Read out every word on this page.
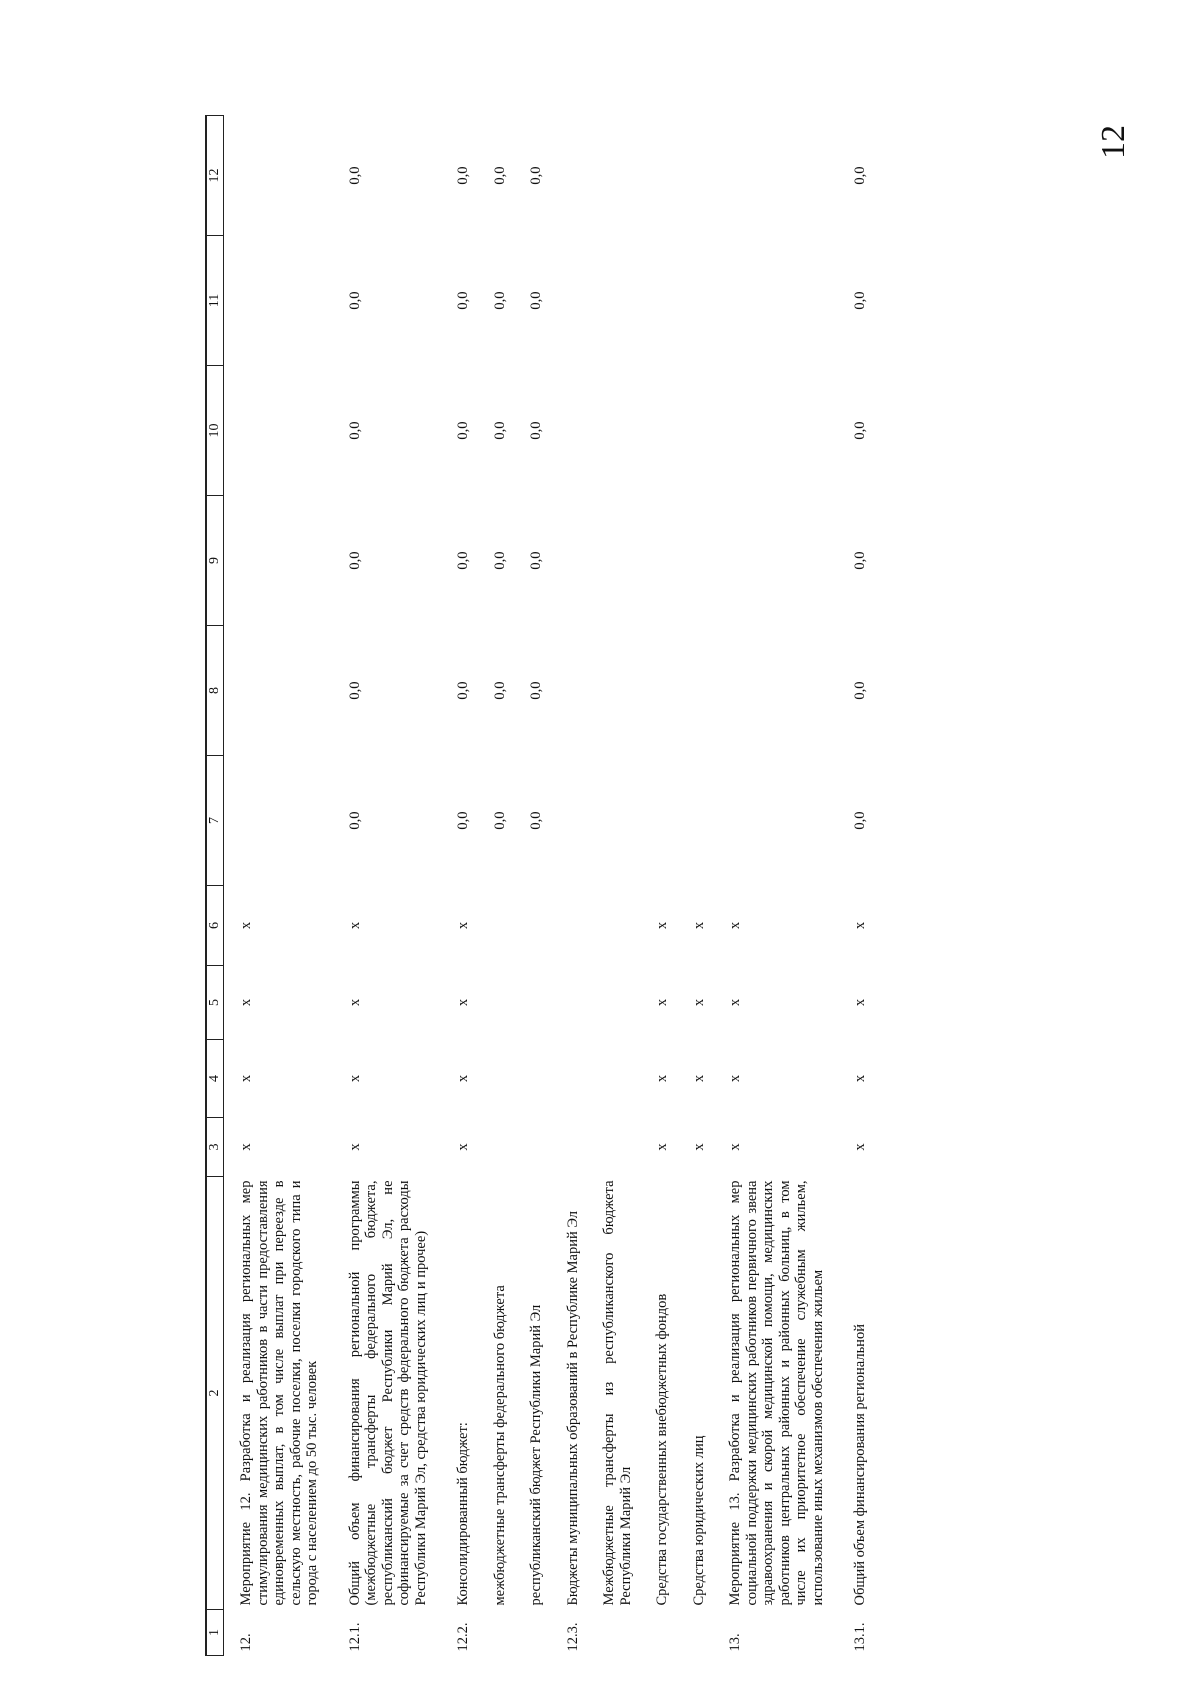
12
1	2	3	4	5	6	7	8	9	10	11	12
12.	Мероприятие 12. Разработка и реализация региональных мер стимулирования медицинских работников в части предоставления единовременных выплат, в том числе выплат при переезде в сельскую местность, рабочие поселки, поселки городского типа и города с населением до 50 тыс. человек	х	х	х	х						
12.1.	Общий объем финансирования региональной программы (межбюджетные трансферты федерального бюджета, республиканский бюджет Республики Марий Эл, не софинансируемые за счет средств федерального бюджета расходы Республики Марий Эл, средства юридических лиц и прочее)	х	х	х	х	0,0	0,0	0,0	0,0	0,0	0,0
12.2.	Консолидированный бюджет:	х	х	х	х	0,0	0,0	0,0	0,0	0,0	0,0
	межбюджетные трансферты федерального бюджета					0,0	0,0	0,0	0,0	0,0	0,0
	республиканский бюджет Республики Марий Эл					0,0	0,0	0,0	0,0	0,0	0,0
12.3.	Бюджеты муниципальных образований в Республике Марий Эл										
	Межбюджетные трансферты из республиканского бюджета Республики Марий Эл										
	Средства государственных внебюджетных фондов	х	х	х	х						
	Средства юридических лиц	х	х	х	х						
13.	Мероприятие 13. Разработка и реализация региональных мер социальной поддержки медицинских работников первичного звена здравоохранения и скорой медицинской помощи, медицинских работников центральных районных и районных больниц, в том числе их приоритетное обеспечение служебным жильем, использование иных механизмов обеспечения жильем	х	х	х	х						
13.1.	Общий объем финансирования региональной	х	х	х	х	0,0	0,0	0,0	0,0	0,0	0,0
